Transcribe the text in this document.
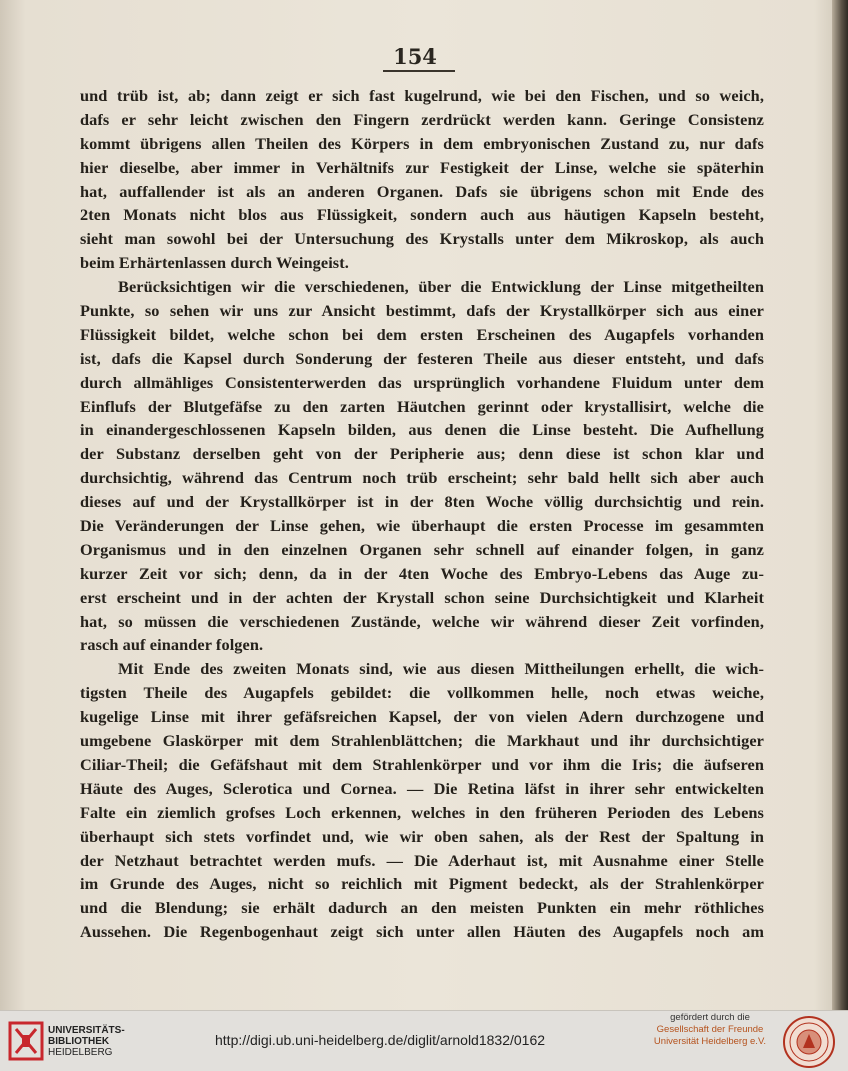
154
und trüb ist, ab; dann zeigt er sich fast kugelrund, wie bei den Fischen, und so weich,
dafs er sehr leicht zwischen den Fingern zerdrückt werden kann. Geringe Consistenz
kommt übrigens allen Theilen des Körpers in dem embryonischen Zustand zu, nur dafs
hier dieselbe, aber immer in Verhältnifs zur Festigkeit der Linse, welche sie späterhin
hat, auffallender ist als an anderen Organen. Dafs sie übrigens schon mit Ende des
2ten Monats nicht blos aus Flüssigkeit, sondern auch aus häutigen Kapseln besteht,
sieht man sowohl bei der Untersuchung des Krystalls unter dem Mikroskop, als auch
beim Erhärtenlassen durch Weingeist.
Berücksichtigen wir die verschiedenen, über die Entwicklung der Linse mitgetheilten
Punkte, so sehen wir uns zur Ansicht bestimmt, dafs der Krystallkörper sich aus einer
Flüssigkeit bildet, welche schon bei dem ersten Erscheinen des Augapfels vorhanden
ist, dafs die Kapsel durch Sonderung der festeren Theile aus dieser entsteht, und dafs
durch allmähliges Consistenterwerden das ursprünglich vorhandene Fluidum unter dem
Einflufs der Blutgefäfse zu den zarten Häutchen gerinnt oder krystallisirt, welche die
in einandergeschlossenen Kapseln bilden, aus denen die Linse besteht. Die Aufhellung
der Substanz derselben geht von der Peripherie aus; denn diese ist schon klar und
durchsichtig, während das Centrum noch trüb erscheint; sehr bald hellt sich aber auch
dieses auf und der Krystallkörper ist in der 8ten Woche völlig durchsichtig und rein.
Die Veränderungen der Linse gehen, wie überhaupt die ersten Processe im gesammten
Organismus und in den einzelnen Organen sehr schnell auf einander folgen, in ganz
kurzer Zeit vor sich; denn, da in der 4ten Woche des Embryo-Lebens das Auge zu-
erst erscheint und in der achten der Krystall schon seine Durchsichtigkeit und Klarheit
hat, so müssen die verschiedenen Zustände, welche wir während dieser Zeit vorfinden,
rasch auf einander folgen.
Mit Ende des zweiten Monats sind, wie aus diesen Mittheilungen erhellt, die wich-
tigsten Theile des Augapfels gebildet: die vollkommen helle, noch etwas weiche,
kugelige Linse mit ihrer gefäfsreichen Kapsel, der von vielen Adern durchzogene und
umgebene Glaskörper mit dem Strahlenblättchen; die Markhaut und ihr durchsichtiger
Ciliar-Theil; die Gefäfshaut mit dem Strahlenkörper und vor ihm die Iris; die äufseren
Häute des Auges, Sclerotica und Cornea. — Die Retina läfst in ihrer sehr entwickelten
Falte ein ziemlich grofses Loch erkennen, welches in den früheren Perioden des Lebens
überhaupt sich stets vorfindet und, wie wir oben sahen, als der Rest der Spaltung in
der Netzhaut betrachtet werden mufs. — Die Aderhaut ist, mit Ausnahme einer Stelle
im Grunde des Auges, nicht so reichlich mit Pigment bedeckt, als der Strahlenkörper
und die Blendung; sie erhält dadurch an den meisten Punkten ein mehr röthliches
Aussehen. Die Regenbogenhaut zeigt sich unter allen Häuten des Augapfels noch am
UNIVERSITÄTS-
BIBLIOTHEK
HEIDELBERG
http://digi.ub.uni-heidelberg.de/diglit/arnold1832/0162
gefördert durch die
Gesellschaft der Freunde
Universität Heidelberg e.V.
